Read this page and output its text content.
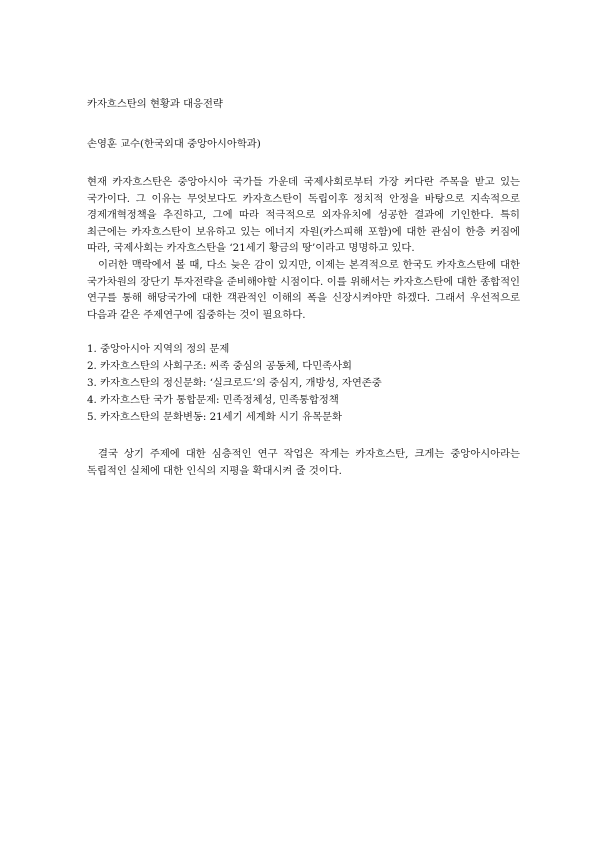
카자흐스탄의 현황과 대응전략
손영훈 교수(한국외대 중앙아시아학과)

현재 카자흐스탄은 중앙아시아 국가들 가운데 국제사회로부터 가장 커다란 주목을 받고 있는 국가이다. 그 이유는 무엇보다도 카자흐스탄이 독립이후 정치적 안정을 바탕으로 지속적으로 경제개혁정책을 추진하고, 그에 따라 적극적으로 외자유치에 성공한 결과에 기인한다. 특히 최근에는 카자흐스탄이 보유하고 있는 에너지 자원(카스피해 포함)에 대한 관심이 한층 커짐에 따라, 국제사회는 카자흐스탄을 ‘21세기 황금의 땅’이라고 명명하고 있다.

이러한 맥락에서 볼 때, 다소 늦은 감이 있지만, 이제는 본격적으로 한국도 카자흐스탄에 대한 국가차원의 장단기 투자전략을 준비해야할 시점이다. 이를 위해서는 카자흐스탄에 대한 종합적인 연구를 통해 해당국가에 대한 객관적인 이해의 폭을 신장시켜야만 하겠다. 그래서 우선적으로 다음과 같은 주제연구에 집중하는 것이 필요하다.

1. 중앙아시아 지역의 정의 문제
2. 카자흐스탄의 사회구조: 씨족 중심의 공동체, 다민족사회
3. 카자흐스탄의 정신문화: ‘실크로드’의 중심지, 개방성, 자연존중
4. 카자흐스탄 국가 통합문제: 민족정체성, 민족통합정책
5. 카자흐스탄의 문화변동: 21세기 세계화 시기 유목문화

결국 상기 주제에 대한 심층적인 연구 작업은 작게는 카자흐스탄, 크게는 중앙아시아라는 독립적인 실체에 대한 인식의 지평을 확대시켜 줄 것이다.
